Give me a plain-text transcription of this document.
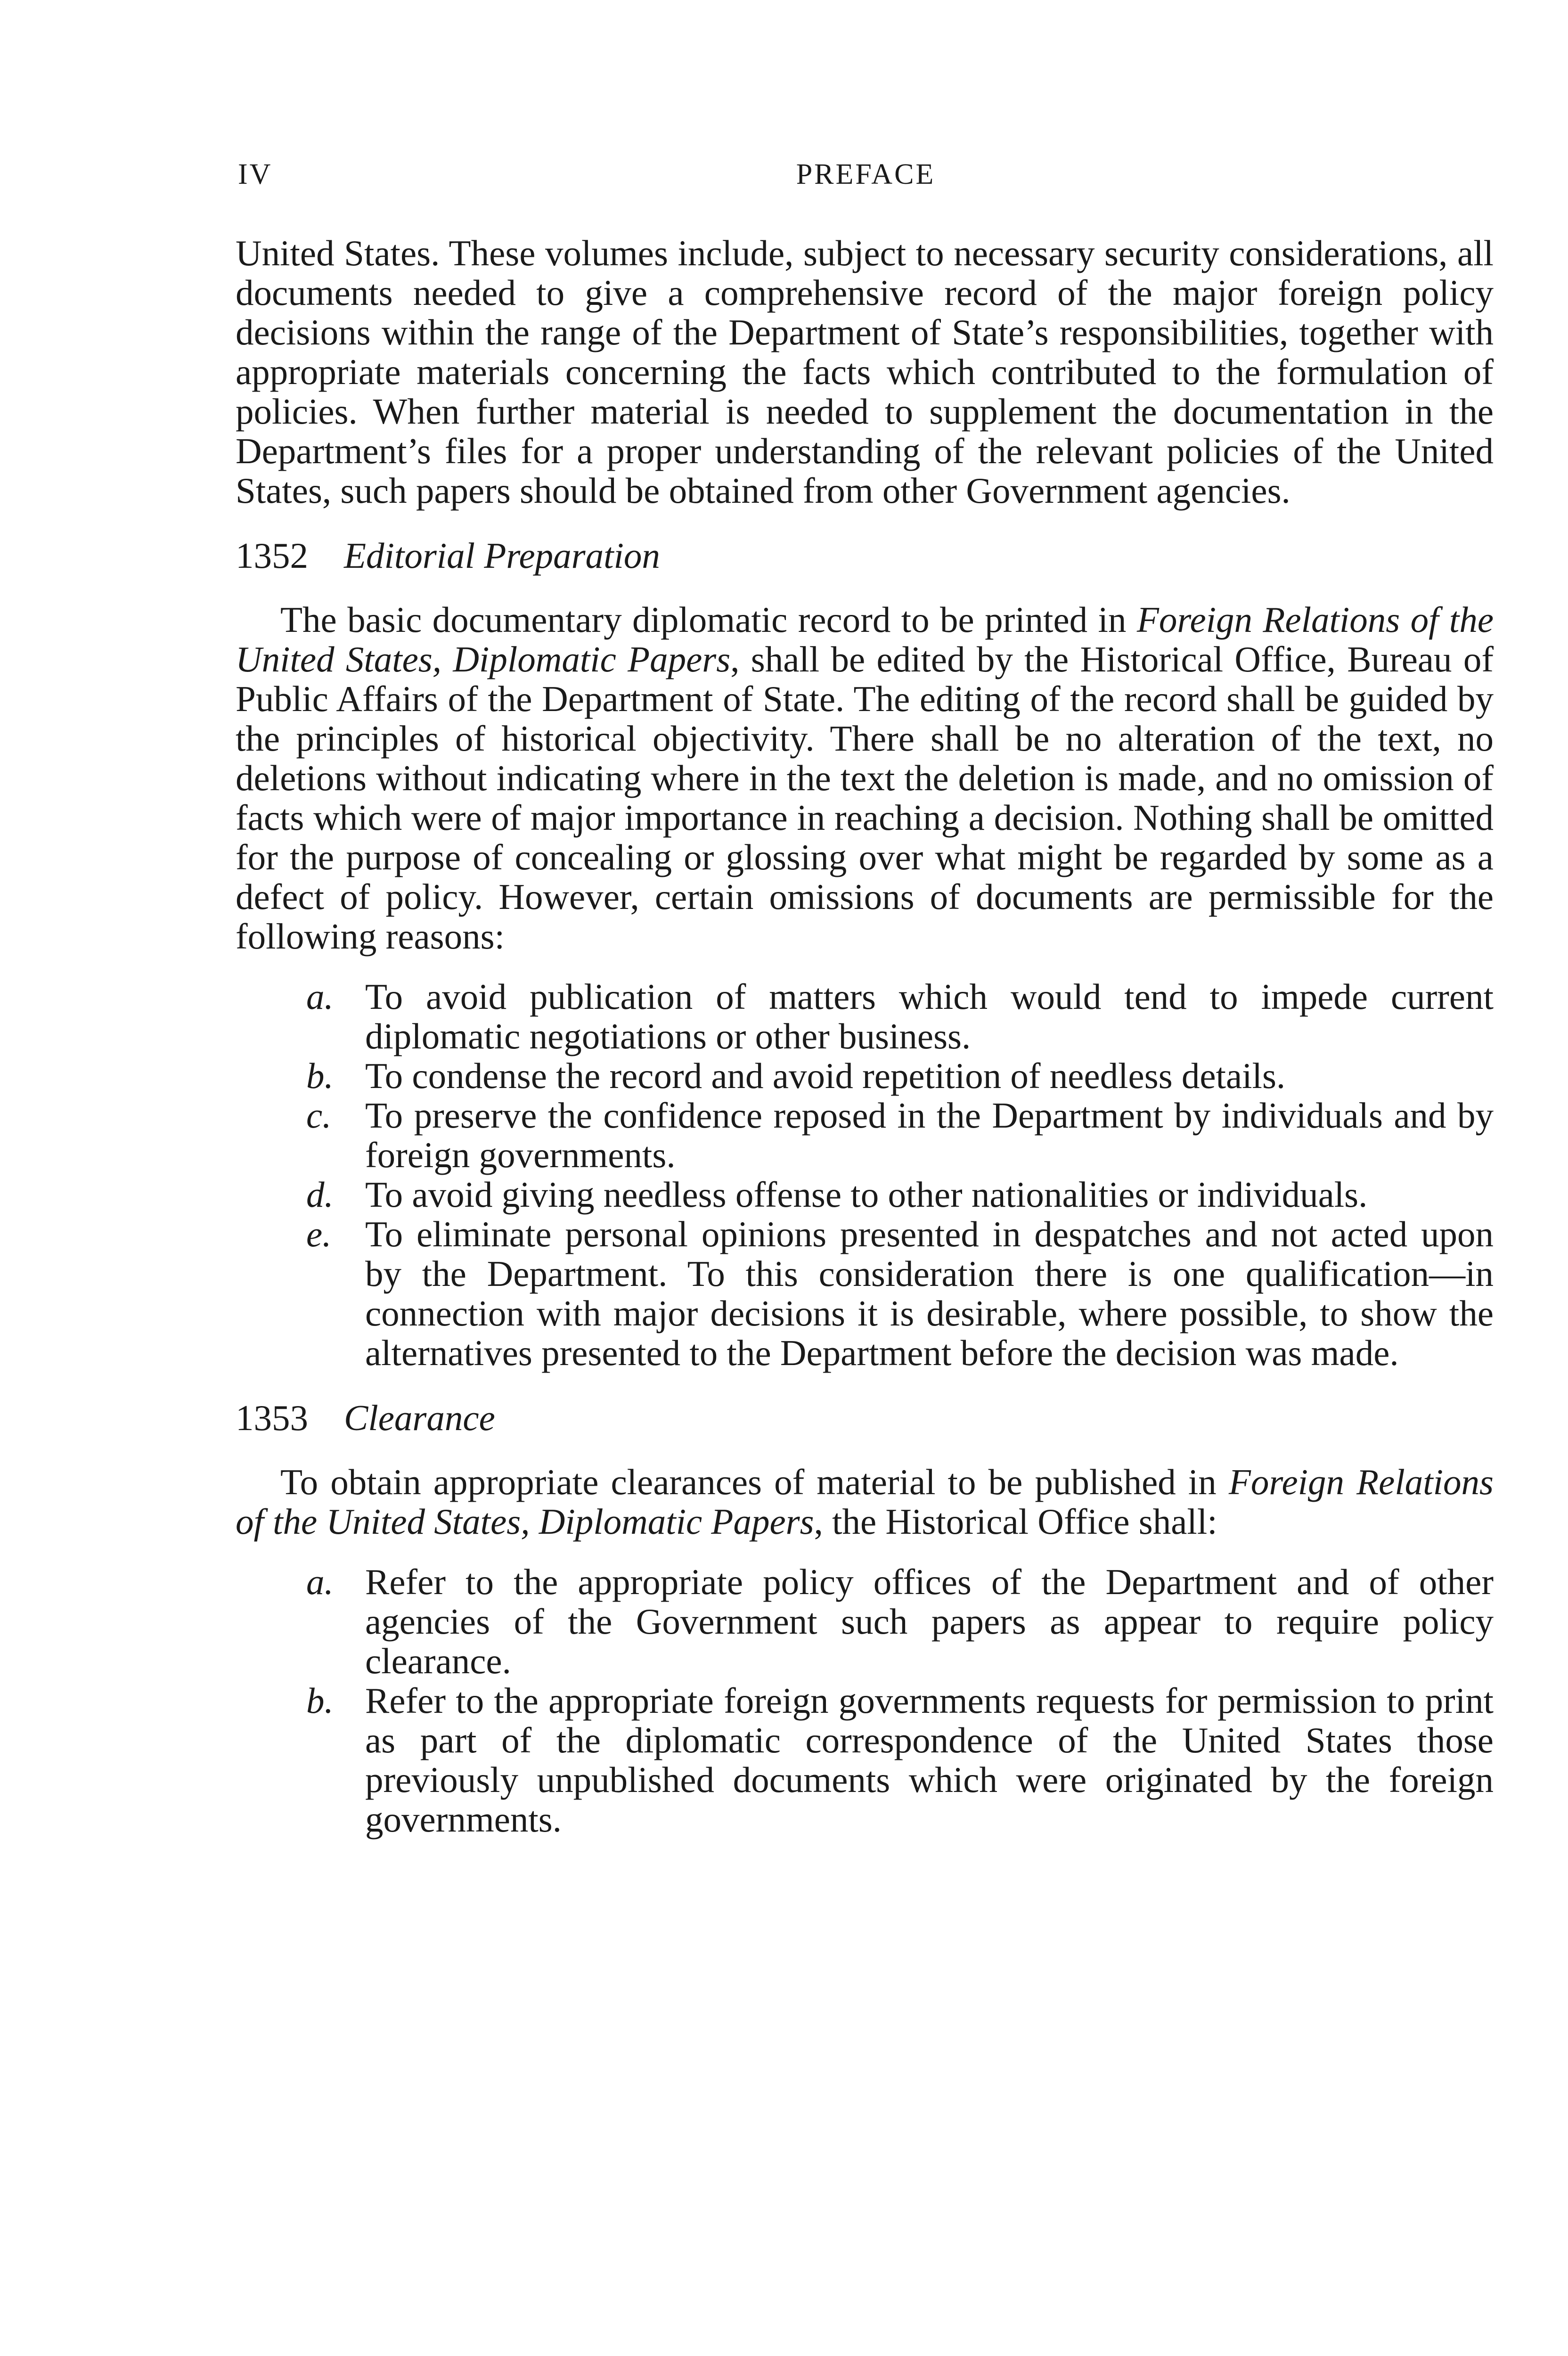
IV	PREFACE

United States. These volumes include, subject to necessary security considerations, all documents needed to give a comprehensive record of the major foreign policy decisions within the range of the Department of State’s responsibilities, together with appropriate materials concerning the facts which contributed to the formulation of policies. When further material is needed to supplement the documentation in the Department’s files for a proper understanding of the relevant policies of the United States, such papers should be obtained from other Government agencies.

1352 Editorial Preparation

The basic documentary diplomatic record to be printed in Foreign Relations of the United States, Diplomatic Papers, shall be edited by the Historical Office, Bureau of Public Affairs of the Department of State. The editing of the record shall be guided by the principles of historical objectivity. There shall be no alteration of the text, no deletions without indicating where in the text the deletion is made, and no omission of facts which were of major importance in reaching a decision. Nothing shall be omitted for the purpose of concealing or glossing over what might be regarded by some as a defect of policy. However, certain omissions of documents are permissible for the following reasons:

a. To avoid publication of matters which would tend to impede current diplomatic negotiations or other business.
b. To condense the record and avoid repetition of needless details.
c. To preserve the confidence reposed in the Department by individuals and by foreign governments.
d. To avoid giving needless offense to other nationalities or individuals.
e. To eliminate personal opinions presented in despatches and not acted upon by the Department. To this consideration there is one qualification—in connection with major decisions it is desirable, where possible, to show the alternatives presented to the Department before the decision was made.
1353 Clearance

To obtain appropriate clearances of material to be published in Foreign Relations of the United States, Diplomatic Papers, the Historical Office shall:

a. Refer to the appropriate policy offices of the Department and of other agencies of the Government such papers as appear to require policy clearance.
b. Refer to the appropriate foreign governments requests for permission to print as part of the diplomatic correspondence of the United States those previously unpublished documents which were originated by the foreign governments.
